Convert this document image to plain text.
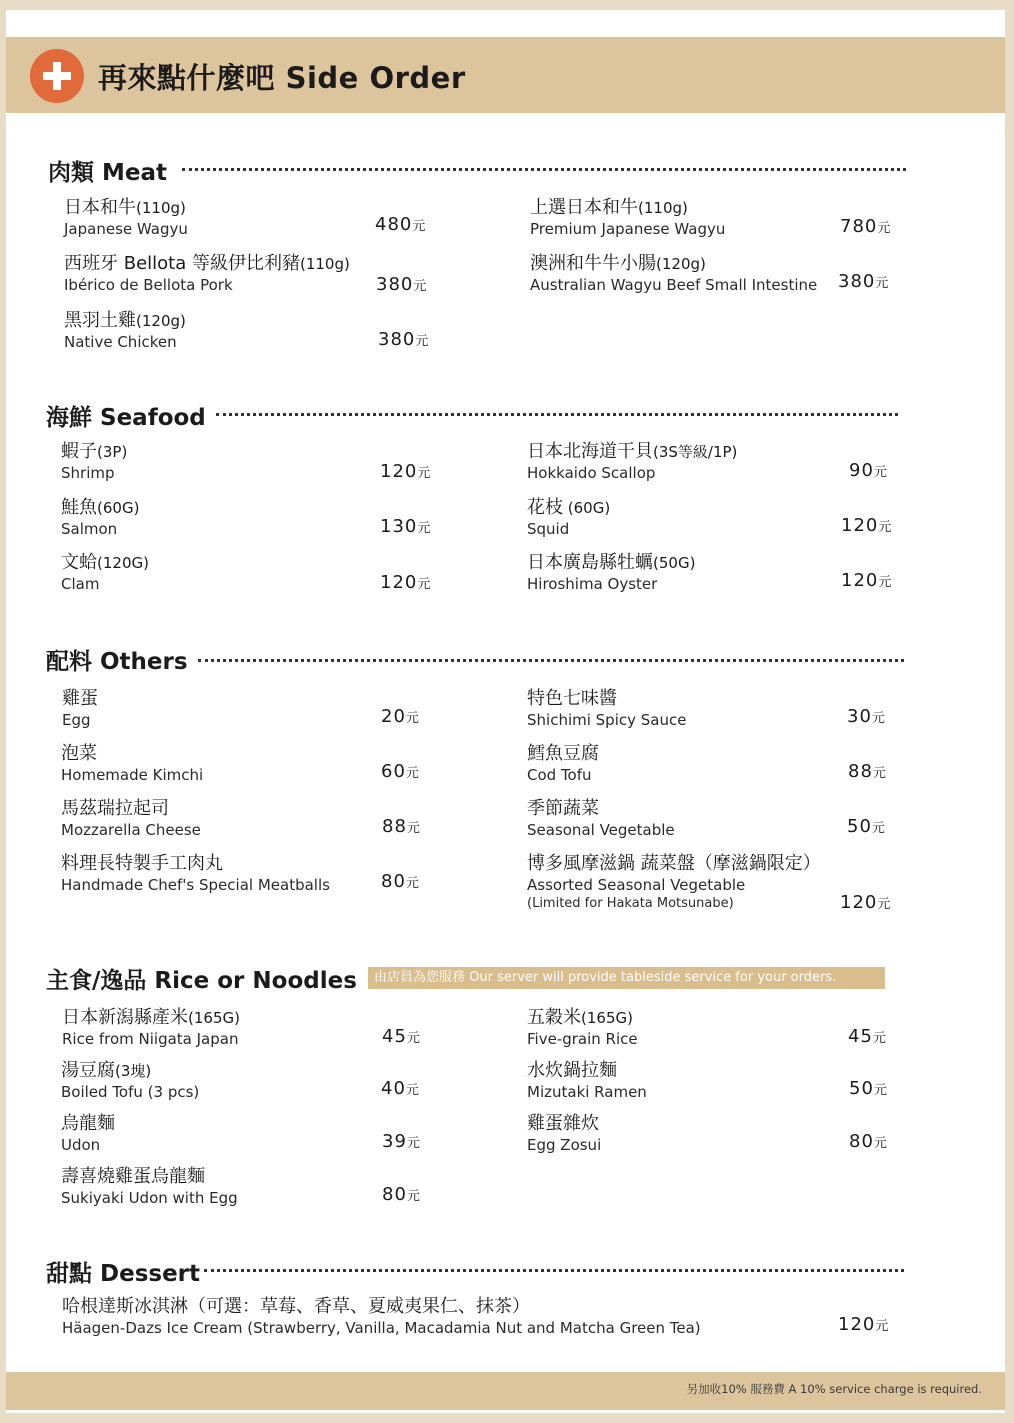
再來點什麼吧 Side Order
肉類 Meat
日本和牛(110g)
Japanese Wagyu	480元
上選日本和牛(110g)
Premium Japanese Wagyu	780元
西班牙 Bellota 等級伊比利豬(110g)
Ibérico de Bellota Pork	380元
澳洲和牛牛小腸(120g)
Australian Wagyu Beef Small Intestine 380元
黑羽土雞(120g)
Native Chicken	380元
海鮮 Seafood
蝦子(3P)
Shrimp	120元
日本北海道干貝(3S等級/1P)
Hokkaido Scallop	90元
鮭魚(60G)
Salmon	130元
花枝 (60G)
Squid	120元
文蛤(120G)
Clam	120元
日本廣島縣牡蠣(50G)
Hiroshima Oyster	120元
配料 Others
雞蛋
Egg	20元
特色七味醬
Shichimi Spicy Sauce	30元
泡菜
Homemade Kimchi	60元
鱈魚豆腐
Cod Tofu	88元
馬茲瑞拉起司
Mozzarella Cheese	88元
季節蔬菜
Seasonal Vegetable	50元
料理長特製手工肉丸
Handmade Chef's Special Meatballs	80元
博多風摩滋鍋 蔬菜盤（摩滋鍋限定）
Assorted Seasonal Vegetable
(Limited for Hakata Motsunabe)	120元
主食/逸品 Rice or Noodles	由店員為您服務 Our server will provide tableside service for your orders.
日本新潟縣產米(165G)
Rice from Niigata Japan	45元
五穀米(165G)
Five-grain Rice	45元
湯豆腐(3塊)
Boiled Tofu (3 pcs)	40元
水炊鍋拉麵
Mizutaki Ramen	50元
烏龍麵
Udon	39元
雞蛋雜炊
Egg Zosui	80元
壽喜燒雞蛋烏龍麵
Sukiyaki Udon with Egg	80元
甜點 Dessert
哈根達斯冰淇淋（可選：草莓、香草、夏威夷果仁、抹茶）
Häagen-Dazs Ice Cream (Strawberry, Vanilla, Macadamia Nut and Matcha Green Tea)	120元
另加收10% 服務費 A 10% service charge is required.
